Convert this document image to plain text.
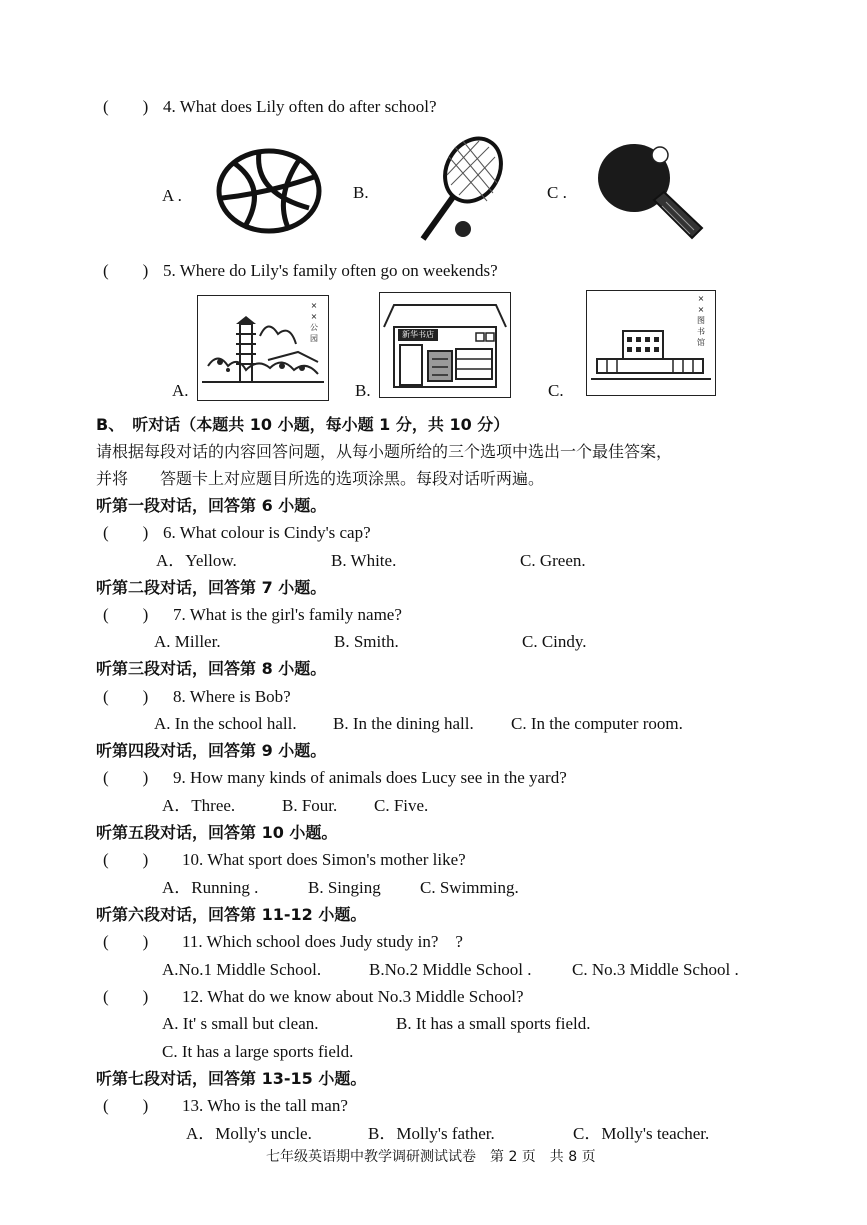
(　　) 4. What does Lily often do after school?
A .	B.	C .
(　　) 5. Where do Lily's family often go on weekends?
A.
×
×
公
园
B.
新华书店
C.
×
×
图
书
馆
B、　听对话（本题共 10 小题，每小题 1 分，共 10 分）
请根据每段对话的内容回答问题，从每小题所给的三个选项中选出一个最佳答案，
并将　　答题卡上对应题目所选的选项涂黑。每段对话听两遍。
听第一段对话，回答第 6 小题。
(　　) 6. What colour is Cindy's cap?
A．Yellow.	B. White.	C. Green.
听第二段对话，回答第 7 小题。
(　　) 7. What is the girl's family name?
A. Miller.	B. Smith.	C. Cindy.
听第三段对话，回答第 8 小题。
(　　) 8. Where is Bob?
A. In the school hall. B. In the dining hall. C. In the computer room.
听第四段对话，回答第 9 小题。
(　　) 9. How many kinds of animals does Lucy see in the yard?
A．Three.	B. Four. C. Five.
听第五段对话，回答第 10 小题。
(　　) 10. What sport does Simon's mother like?
A．Running .	B. Singing C. Swimming.
听第六段对话，回答第 11-12 小题。
(　　) 11. Which school does Judy study in?　?
A.No.1 Middle School.	B.No.2 Middle School . C. No.3 Middle School .
(　　) 12. What do we know about No.3 Middle School?
A. It' s small but clean.	B. It has a small sports field.
C. It has a large sports field.
听第七段对话，回答第 13-15 小题。
(　　) 13. Who is the tall man?
A．Molly's uncle.	B．Molly's father.	C．Molly's teacher.
七年级英语期中教学调研测试试卷　第 2 页　共 8 页
